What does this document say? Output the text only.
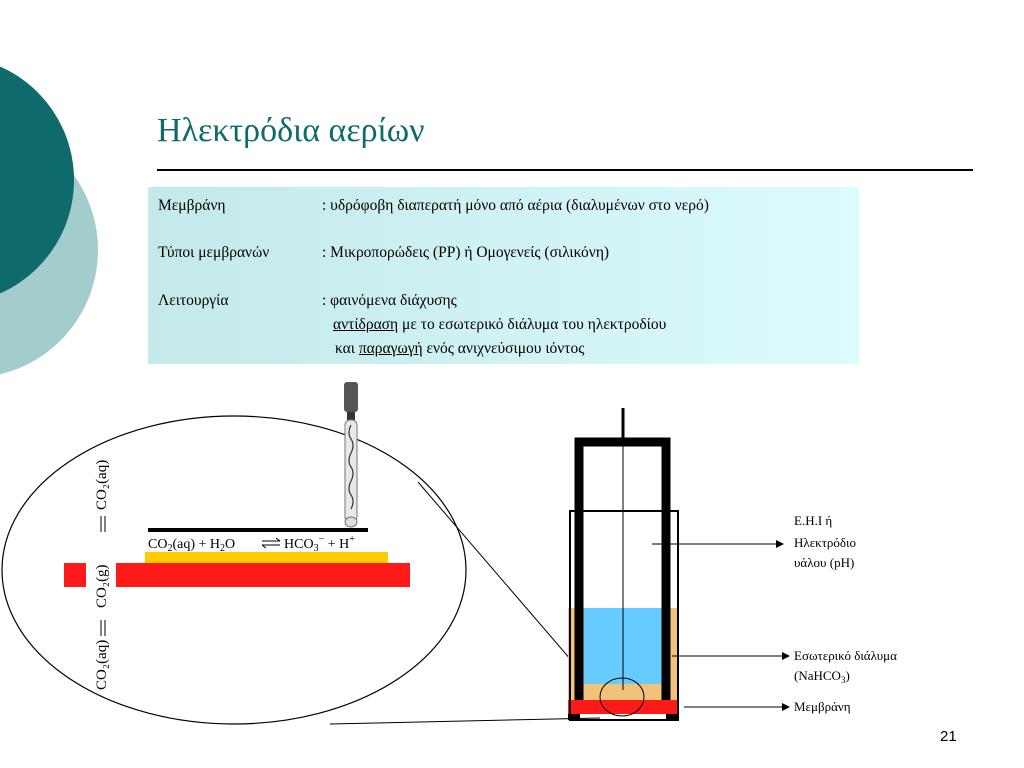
Ηλεκτρόδια αερίων
Μεμβράνη	: υδρόφοβη διαπερατή μόνο από αέρια (διαλυμένων στο νερό)
Τύποι μεμβρανών	: Μικροπορώδεις (PP) ή Ομογενείς (σιλικόνη)
Λειτουργία	: φαινόμενα διάχυσης
αντίδραση με το εσωτερικό διάλυμα του ηλεκτροδίου
και παραγωγή ενός ανιχνεύσιμου ιόντος
$CO_2(aq) + H_2O$	$HCO_3^- + H^+$
CO₂(aq)
CO₂(g)
CO₂(aq)
Ε.Η.Ι ή
Ηλεκτρόδιο
υάλου (pH)
Εσωτερικό διάλυμα
(NaHCO$_3$)
Μεμβράνη
21
